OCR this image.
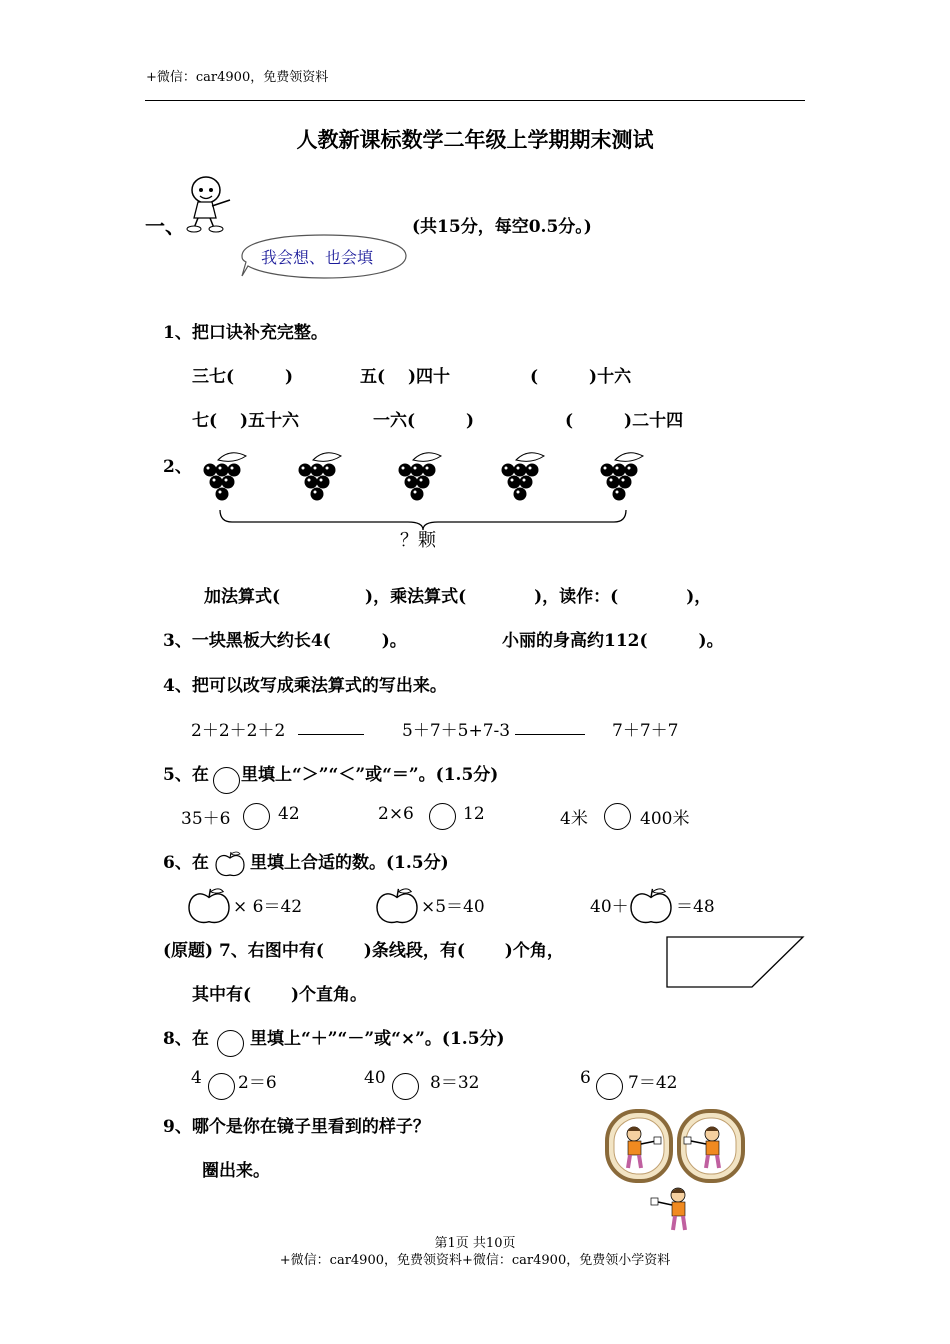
+微信：car4900，免费领资料
人教新课标数学二年级上学期期末测试
一、	(共15分，每空0.5分。)
我会想、也会填
1、把口诀补充完整。
三七(　　　)	五(　 )四十	(　　　)十六
七(　 )五十六	一六(　　　)	(　　　)二十四
2、
？颗
加法算式(　　　　　)，乘法算式(　　　　)，读作：(　　　　)，
3、一块黑板大约长4(　　　)。	小丽的身高约112(　　　)。
4、把可以改写成乘法算式的写出来。
2＋2＋2＋2	5＋7＋5+7-3	7＋7＋7
5、在 里填上“＞”“＜”或“＝”。(1.5分)
35＋6	42	2×6	12	4米	400米
6、在 里填上合适的数。(1.5分)
× 6＝42	×5＝40	40＋	＝48
(原题) 7、右图中有(　　 )条线段，有(　　 )个角，
其中有(　　 )个直角。
8、在 里填上“＋”“－”或“×”。(1.5分)
4 2＝6	40	8＝32	6 7＝42
9、哪个是你在镜子里看到的样子？
圈出来。
第1页 共10页
+微信：car4900，免费领资料+微信：car4900，免费领小学资料
